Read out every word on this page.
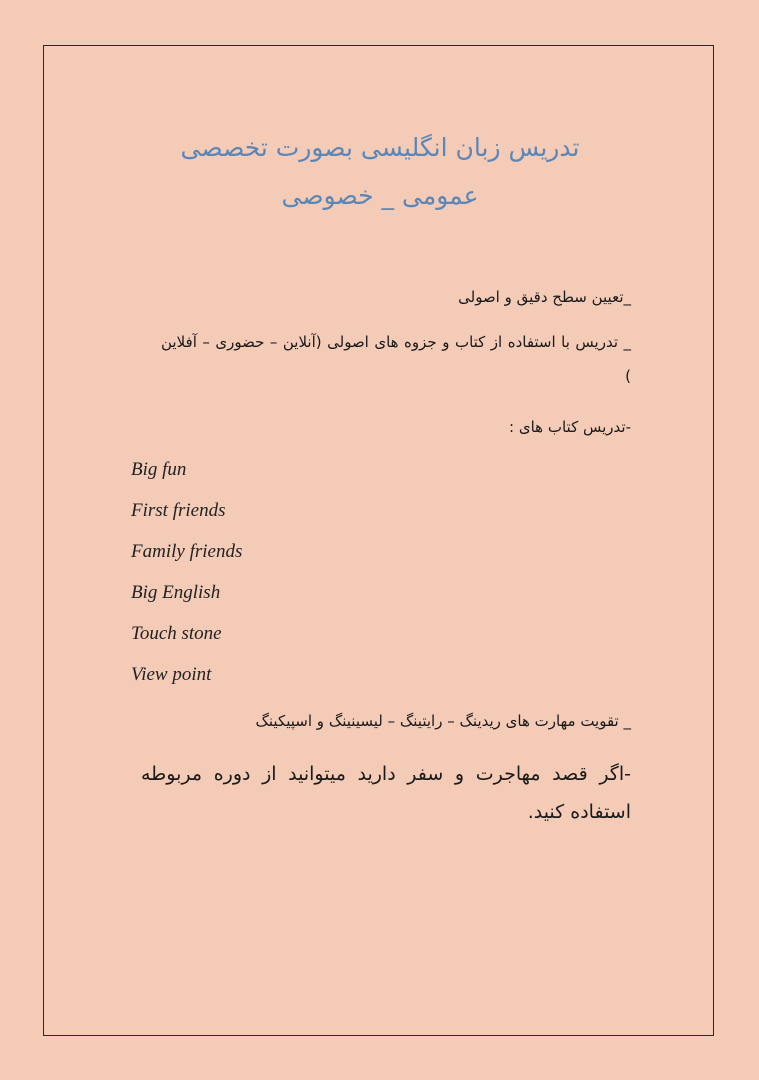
تدریس زبان انگلیسی بصورت تخصصی
عمومی _ خصوصی
_تعیین سطح دقیق و اصولی
_ تدریس با استفاده از کتاب و جزوه های اصولی (آنلاین – حضوری – آفلاین )
-تدریس کتاب های :
Big fun
First friends
Family friends
Big English
Touch stone
View point
_ تقویت مهارت های ریدینگ – رایتینگ – لیسینینگ و اسپیکینگ
-اگر قصد مهاجرت و سفر دارید میتوانید از دوره مربوطه استفاده کنید.
